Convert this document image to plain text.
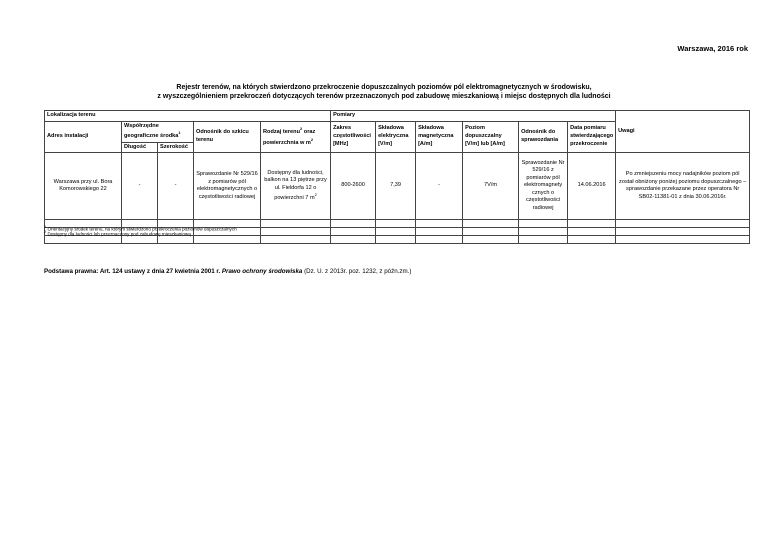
Warszawa, 2016 rok
Rejestr terenów, na których stwierdzono przekroczenie dopuszczalnych poziomów pól elektromagnetycznych w środowisku,
z wyszczególnieniem przekroczeń dotyczących terenów przeznaczonych pod zabudowę mieszkaniową i miejsc dostępnych dla ludności
Lokalizacja terenu					Pomiary						Uwagi
Adres instalacji	Współrzędne geograficzne środka$^1$		Odnośnik do szkicu terenu	Rodzaj terenu$^2$ oraz powierzchnia w $m^2$	Zakres częstotliwości [MHz]	Składowa elektryczna [V/m]	Składowa magnetyczna [A/m]	Poziom dopuszczalny [V/m] lub [A/m]	Odnośnik do sprawozdania	Data pomiaru stwierdzającego przekroczenie	
	Długość	Szerokość									
Warszawa przy ul. Bora Komorowskiego 22	-	-	Sprawozdanie Nr 529/16 z pomiarów pól elektromagnetycznych o częstotliwości radiowej	Dostępny dla ludności, balkon na 13 piętrze przy ul. Fieldorfa 12 o powierzchni 7 $m^2$	800-2600	7,39	-	7V/m	Sprawozdanie Nr 529/16 z pomiarów pól elektromagnety cznych o częstotliwości radiowej	14.06.2016	Po zmniejszeniu mocy nadajników poziom pól został obniżony poniżej poziomu dopuszczalnego – sprawozdanie przekazane przez operatora Nr SB02-11381-01 z dnia 30.06.2016r.

$^1$ Orientacyjny środek terenu, na którym stwierdzono przekroczenia poziomów dopuszczalnych
$^2$ Dostępny dla ludności lub przeznaczony pod zabudowę mieszkaniową
Podstawa prawna: Art. 124 ustawy z dnia 27 kwietnia 2001 r. Prawo ochrony środowiska (Dz. U. z 2013r. poz. 1232, z późn.zm.)
